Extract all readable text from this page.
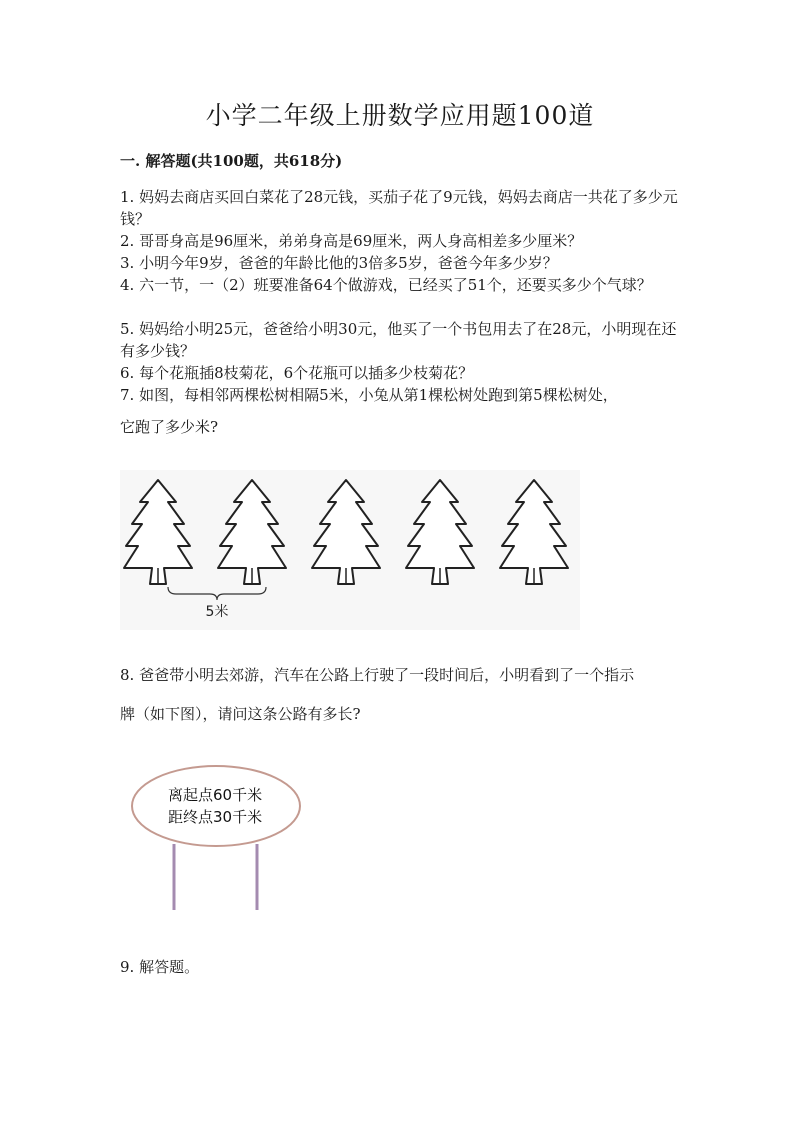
小学二年级上册数学应用题100道

一. 解答题(共100题，共618分)

1. 妈妈去商店买回白菜花了28元钱，买茄子花了9元钱，妈妈去商店一共花了多少元钱？

2. 哥哥身高是96厘米，弟弟身高是69厘米，两人身高相差多少厘米？

3. 小明今年9岁，爸爸的年龄比他的3倍多5岁，爸爸今年多少岁？

4. 六一节，一（2）班要准备64个做游戏，已经买了51个，还要买多少个气球？

5. 妈妈给小明25元，爸爸给小明30元，他买了一个书包用去了在28元，小明现在还有多少钱？

6. 每个花瓶插8枝菊花，6个花瓶可以插多少枝菊花？

7. 如图，每相邻两棵松树相隔5米，小兔从第1棵松树处跑到第5棵松树处，

它跑了多少米?

5米

8. 爸爸带小明去郊游，汽车在公路上行驶了一段时间后，小明看到了一个指示

牌（如下图），请问这条公路有多长?

离起点60千米
距终点30千米

9. 解答题。
